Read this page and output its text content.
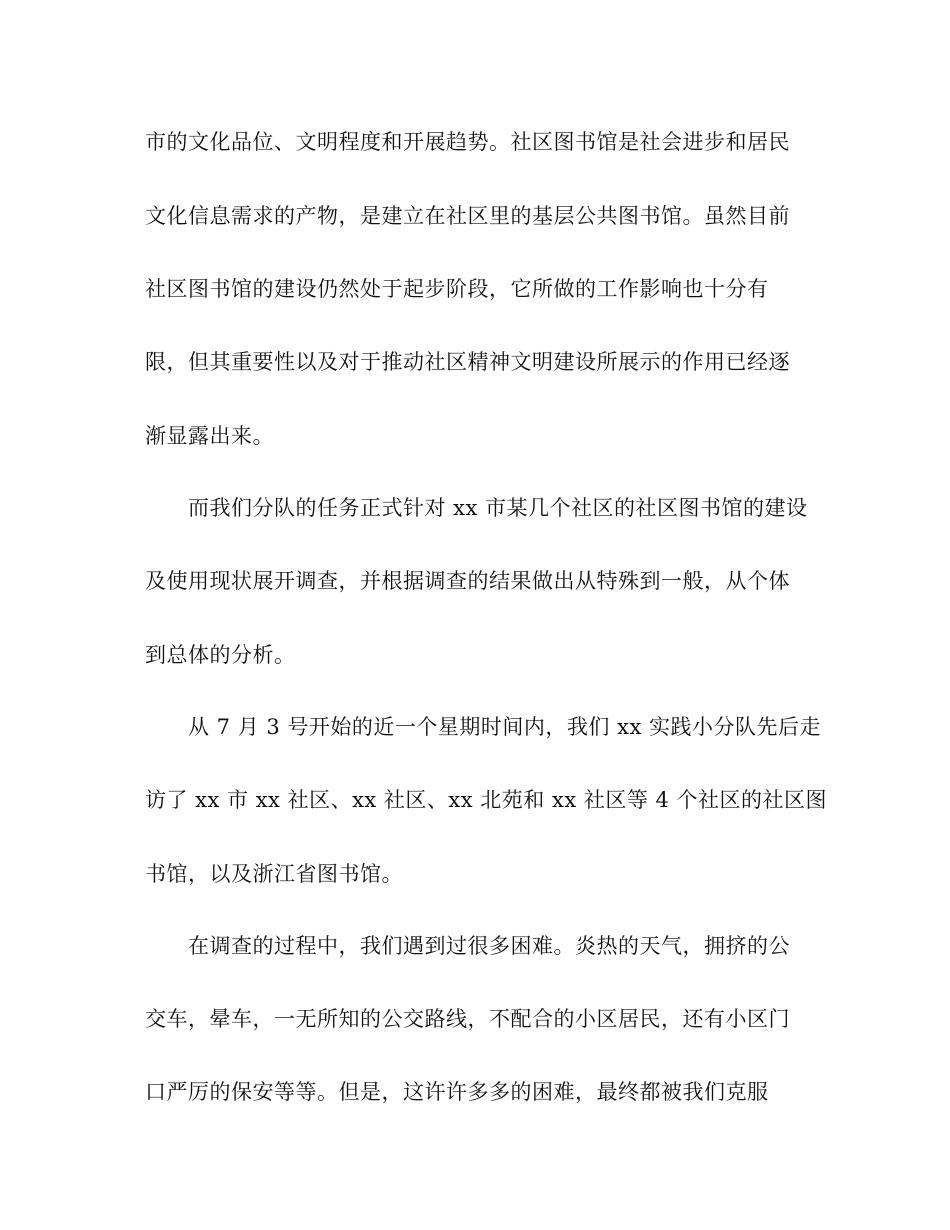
市的文化品位、文明程度和开展趋势。社区图书馆是社会进步和居民
文化信息需求的产物，是建立在社区里的基层公共图书馆。虽然目前
社区图书馆的建设仍然处于起步阶段，它所做的工作影响也十分有
限，但其重要性以及对于推动社区精神文明建设所展示的作用已经逐
渐显露出来。
而我们分队的任务正式针对 xx 市某几个社区的社区图书馆的建设
及使用现状展开调查，并根据调查的结果做出从特殊到一般，从个体
到总体的分析。
从 7 月 3 号开始的近一个星期时间内，我们 xx 实践小分队先后走
访了 xx 市 xx 社区、xx 社区、xx 北苑和 xx 社区等 4 个社区的社区图
书馆，以及浙江省图书馆。
在调查的过程中，我们遇到过很多困难。炎热的天气，拥挤的公
交车，晕车，一无所知的公交路线，不配合的小区居民，还有小区门
口严厉的保安等等。但是，这许许多多的困难，最终都被我们克服
